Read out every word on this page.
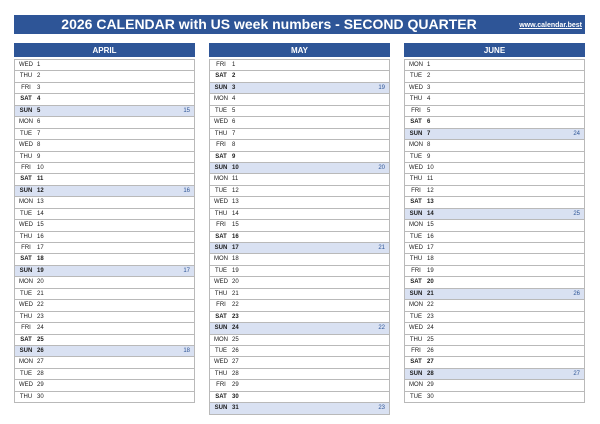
2026 CALENDAR with US week numbers - SECOND QUARTER	www.calendar.best
APRIL
WED 1
THU 2
FRI	3
SAT 4
SUN 5	15
MON 6
TUE 7
WED 8
THU 9
FRI	10
SAT 11
SUN 12	16
MON 13
TUE 14
WED 15
THU 16
FRI	17
SAT 18
SUN 19	17
MON 20
TUE 21
WED 22
THU 23
FRI	24
SAT 25
SUN 26	18
MON 27
TUE 28
WED 29
THU 30
MAY
FRI	1
SAT 2
SUN 3	19
MON 4
TUE 5
WED 6
THU 7
FRI	8
SAT 9
SUN 10	20
MON 11
TUE 12
WED 13
THU 14
FRI	15
SAT 16
SUN 17	21
MON 18
TUE 19
WED 20
THU 21
FRI	22
SAT 23
SUN 24	22
MON 25
TUE 26
WED 27
THU 28
FRI	29
SAT 30
SUN 31	23
JUNE
MON 1
TUE 2
WED 3
THU 4
FRI	5
SAT 6
SUN 7	24
MON 8
TUE 9
WED 10
THU 11
FRI	12
SAT 13
SUN 14	25
MON 15
TUE 16
WED 17
THU 18
FRI	19
SAT 20
SUN 21	26
MON 22
TUE 23
WED 24
THU 25
FRI	26
SAT 27
SUN 28	27
MON 29
TUE 30
